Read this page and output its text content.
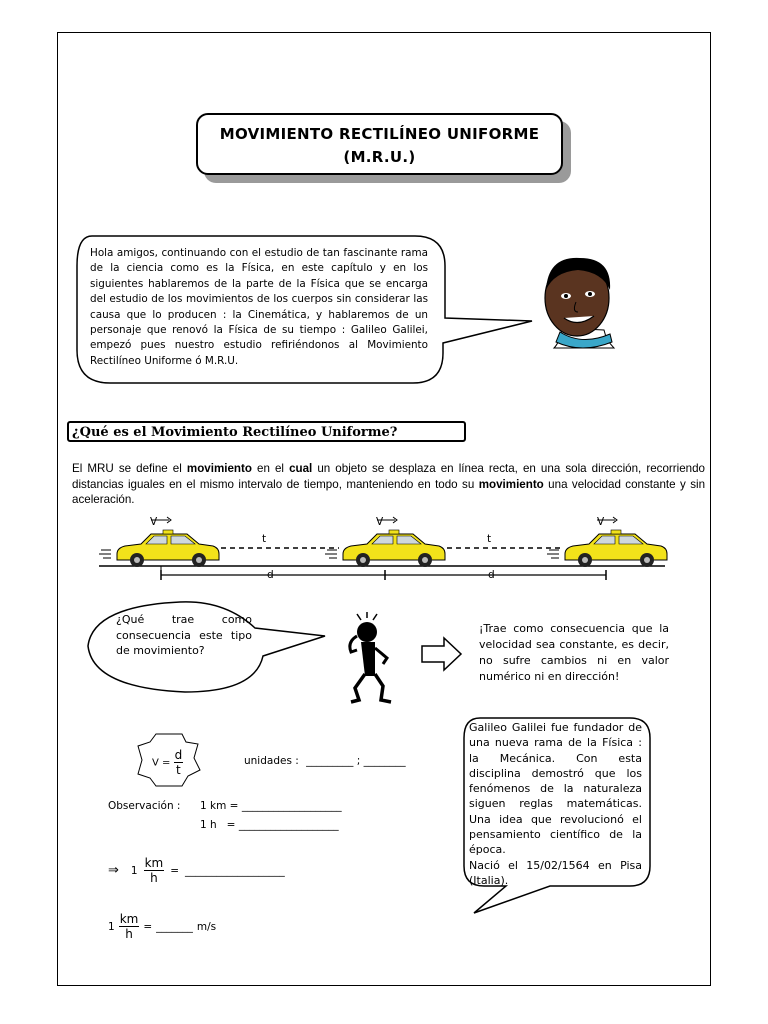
MOVIMIENTO RECTILÍNEO UNIFORME
(M.R.U.)
Hola amigos, continuando con el estudio de tan fascinante rama de la ciencia como es la Física, en este capítulo y en los siguientes hablaremos de la parte de la Física que se encarga del estudio de los movimientos de los cuerpos sin considerar las causa que lo producen : la Cinemática, y hablaremos de un personaje que renovó la Física de su tiempo : Galileo Galilei, empezó pues nuestro estudio refiriéndonos al Movimiento Rectilíneo Uniforme ó M.R.U.
¿Qué es el Movimiento Rectilíneo Uniforme?
El MRU se define el movimiento en el cual un objeto se desplaza en línea recta, en una sola dirección, recorriendo distancias iguales en el mismo intervalo de tiempo, manteniendo en todo su movimiento una velocidad constante y sin aceleración.
V	V	V
t	t
d	d
¿Qué trae como consecuencia este tipo de movimiento?
¡Trae como consecuencia que la velocidad sea constante, es decir, no sufre cambios ni en valor numérico ni en dirección!
Galileo Galilei fue fundador de una nueva rama de la Física : la Mecánica. Con esta disciplina demostró que los fenómenos de la naturaleza siguen reglas matemáticas. Una idea que revolucionó el pensamiento científico de la época.
Nació el 15/02/1564 en Pisa (Italia).
$V = \frac{d}{t}$	unidades : _________ ; ________
Observación : 1 km = ___________________
1 h   = ___________________
⇒ $1 \frac{km}{h}$ = ___________________
$1 \frac{km}{h}$ = _______ m/s
